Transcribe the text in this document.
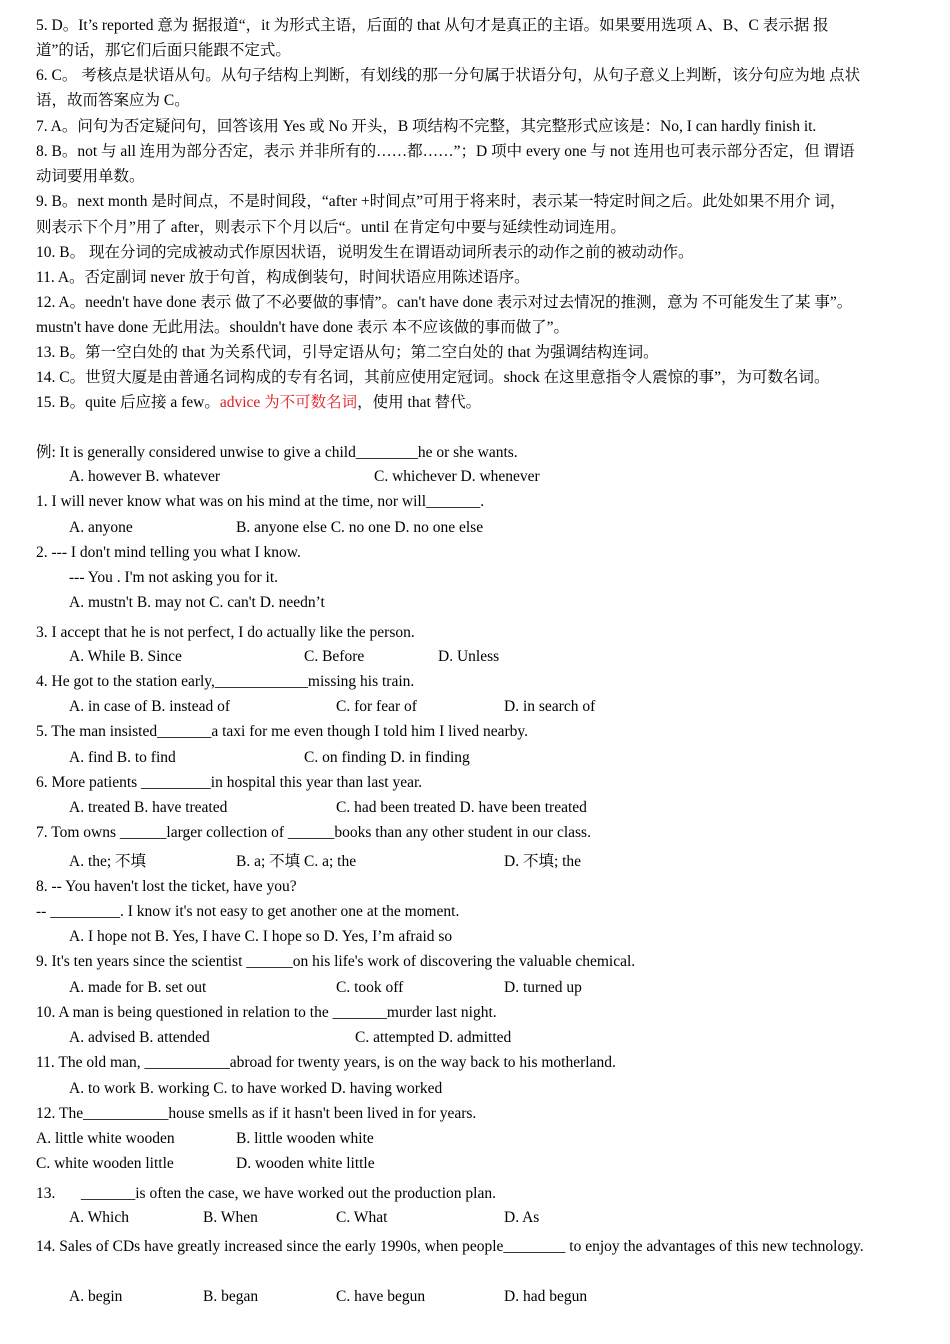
5. D。It’s reported 意为 据报道“，it 为形式主语，后面的 that 从句才是真正的主语。如果要用选项 A、B、C 表示据 报
道”的话，那它们后面只能跟不定式。
6. C。 考核点是状语从句。从句子结构上判断，有划线的那一分句属于状语分句，从句子意义上判断，该分句应为地 点状
语，故而答案应为 C。
7. A。问句为否定疑问句，回答该用 Yes 或 No 开头，B 项结构不完整，其完整形式应该是：No, I can hardly finish it.
8. B。not 与 all 连用为部分否定，表示 并非所有的……都……”；D 项中 every one 与 not 连用也可表示部分否定，但 谓语
动词要用单数。
9. B。next month 是时间点，不是时间段，“after +时间点”可用于将来时，表示某一特定时间之后。此处如果不用介 词，
则表示下个月”用了 after，则表示下个月以后“。until 在肯定句中要与延续性动词连用。
10. B。 现在分词的完成被动式作原因状语，说明发生在谓语动词所表示的动作之前的被动动作。
11. A。否定副词 never 放于句首，构成倒装句，时间状语应用陈述语序。
12. A。needn't have done 表示 做了不必要做的事情”。can't have done 表示对过去情况的推测，意为 不可能发生了某 事”。
mustn't have done 无此用法。shouldn't have done 表示 本不应该做的事而做了”。
13. B。第一空白处的 that 为关系代词，引导定语从句；第二空白处的 that 为强调结构连词。
14. C。世贸大厦是由普通名词构成的专有名词，其前应使用定冠词。shock 在这里意指令人震惊的事”，为可数名词。
15. B。quite 后应接 a few。advice 为不可数名词，使用 that 替代。
例: It is generally considered unwise to give a child________he or she wants.
A. however B. whatever	C. whichever D. whenever
1. I will never know what was on his mind at the time, nor will_______.
A. anyone	B. anyone else C. no one D. no one else
2. --- I don't mind telling you what I know.
--- You . I'm not asking you for it.
A. mustn't B. may not C. can't D. needn’t
3. I accept that he is not perfect, I do actually like the person.
A. While B. Since	C. Before	D. Unless
4. He got to the station early,____________missing his train.
A. in case of B. instead of	C. for fear of	D. in search of
5. The man insisted_______a taxi for me even though I told him I lived nearby.
A. find B. to find	C. on finding D. in finding
6. More patients _________in hospital this year than last year.
A. treated B. have treated	C. had been treated D. have been treated
7. Tom owns ______larger collection of ______books than any other student in our class.
A. the; 不填	B. a; 不填 C. a; the	D. 不填; the
8. -- You haven't lost the ticket, have you?
-- _________. I know it's not easy to get another one at the moment.
A. I hope not B. Yes, I have C. I hope so D. Yes, I’m afraid so
9. It's ten years since the scientist ______on his life's work of discovering the valuable chemical.
A. made for B. set out	C. took off	D. turned up
10. A man is being questioned in relation to the _______murder last night.
A. advised B. attended	C. attempted D. admitted
11. The old man, ___________abroad for twenty years, is on the way back to his motherland.
A. to work B. working C. to have worked D. having worked
12. The___________house smells as if it hasn't been lived in for years.
A. little white wooden	B. little wooden white
C. white wooden little	D. wooden white little
13. _______is often the case, we have worked out the production plan.
A. Which	B. When	C. What	D. As
14. Sales of CDs have greatly increased since the early 1990s, when people________ to enjoy the advantages of this new technology.
A. begin	B. began	C. have begun	D. had begun
